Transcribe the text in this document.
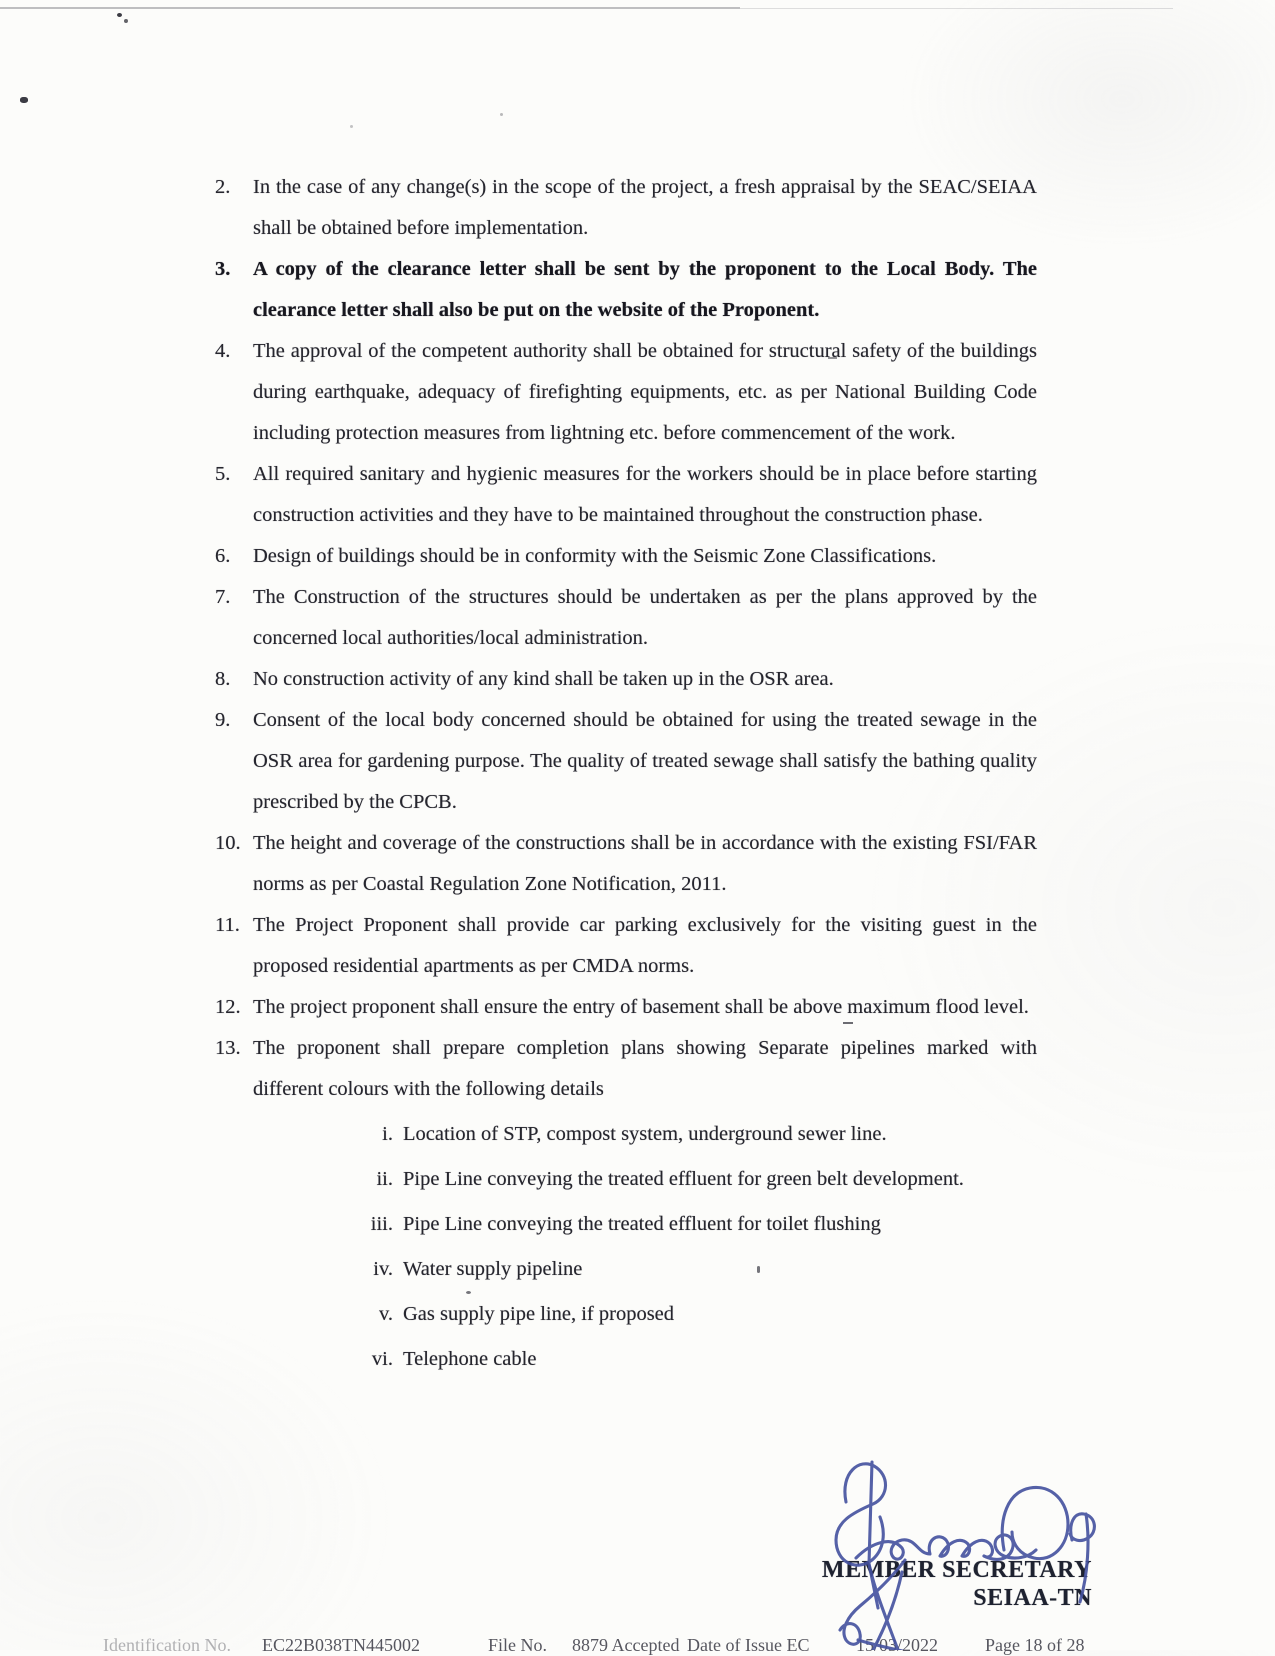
2.	In the case of any change(s) in the scope of the project, a fresh appraisal by the SEAC/SEIAA shall be obtained before implementation.
3.	A copy of the clearance letter shall be sent by the proponent to the Local Body. The clearance letter shall also be put on the website of the Proponent.
4.	The approval of the competent authority shall be obtained for structural safety of the buildings during earthquake, adequacy of firefighting equipments, etc. as per National Building Code including protection measures from lightning etc. before commencement of the work.
5.	All required sanitary and hygienic measures for the workers should be in place before starting construction activities and they have to be maintained throughout the construction phase.
6.	Design of buildings should be in conformity with the Seismic Zone Classifications.
7.	The Construction of the structures should be undertaken as per the plans approved by the concerned local authorities/local administration.
8.	No construction activity of any kind shall be taken up in the OSR area.
9.	Consent of the local body concerned should be obtained for using the treated sewage in the OSR area for gardening purpose. The quality of treated sewage shall satisfy the bathing quality prescribed by the CPCB.
10. The height and coverage of the constructions shall be in accordance with the existing FSI/FAR norms as per Coastal Regulation Zone Notification, 2011.
11. The Project Proponent shall provide car parking exclusively for the visiting guest in the proposed residential apartments as per CMDA norms.
12. The project proponent shall ensure the entry of basement shall be above maximum flood level.
13. The proponent shall prepare completion plans showing Separate pipelines marked with different colours with the following details
i. Location of STP, compost system, underground sewer line.
ii. Pipe Line conveying the treated effluent for green belt development.
iii. Pipe Line conveying the treated effluent for toilet flushing
iv. Water supply pipeline
v. Gas supply pipe line, if proposed
vi. Telephone cable
MEMBER SECRETARY
SEIAA-TN
Identification No. EC22B038TN445002	File No. 8879 Accepted Date of Issue EC	15/03/2022	Page 18 of 28
